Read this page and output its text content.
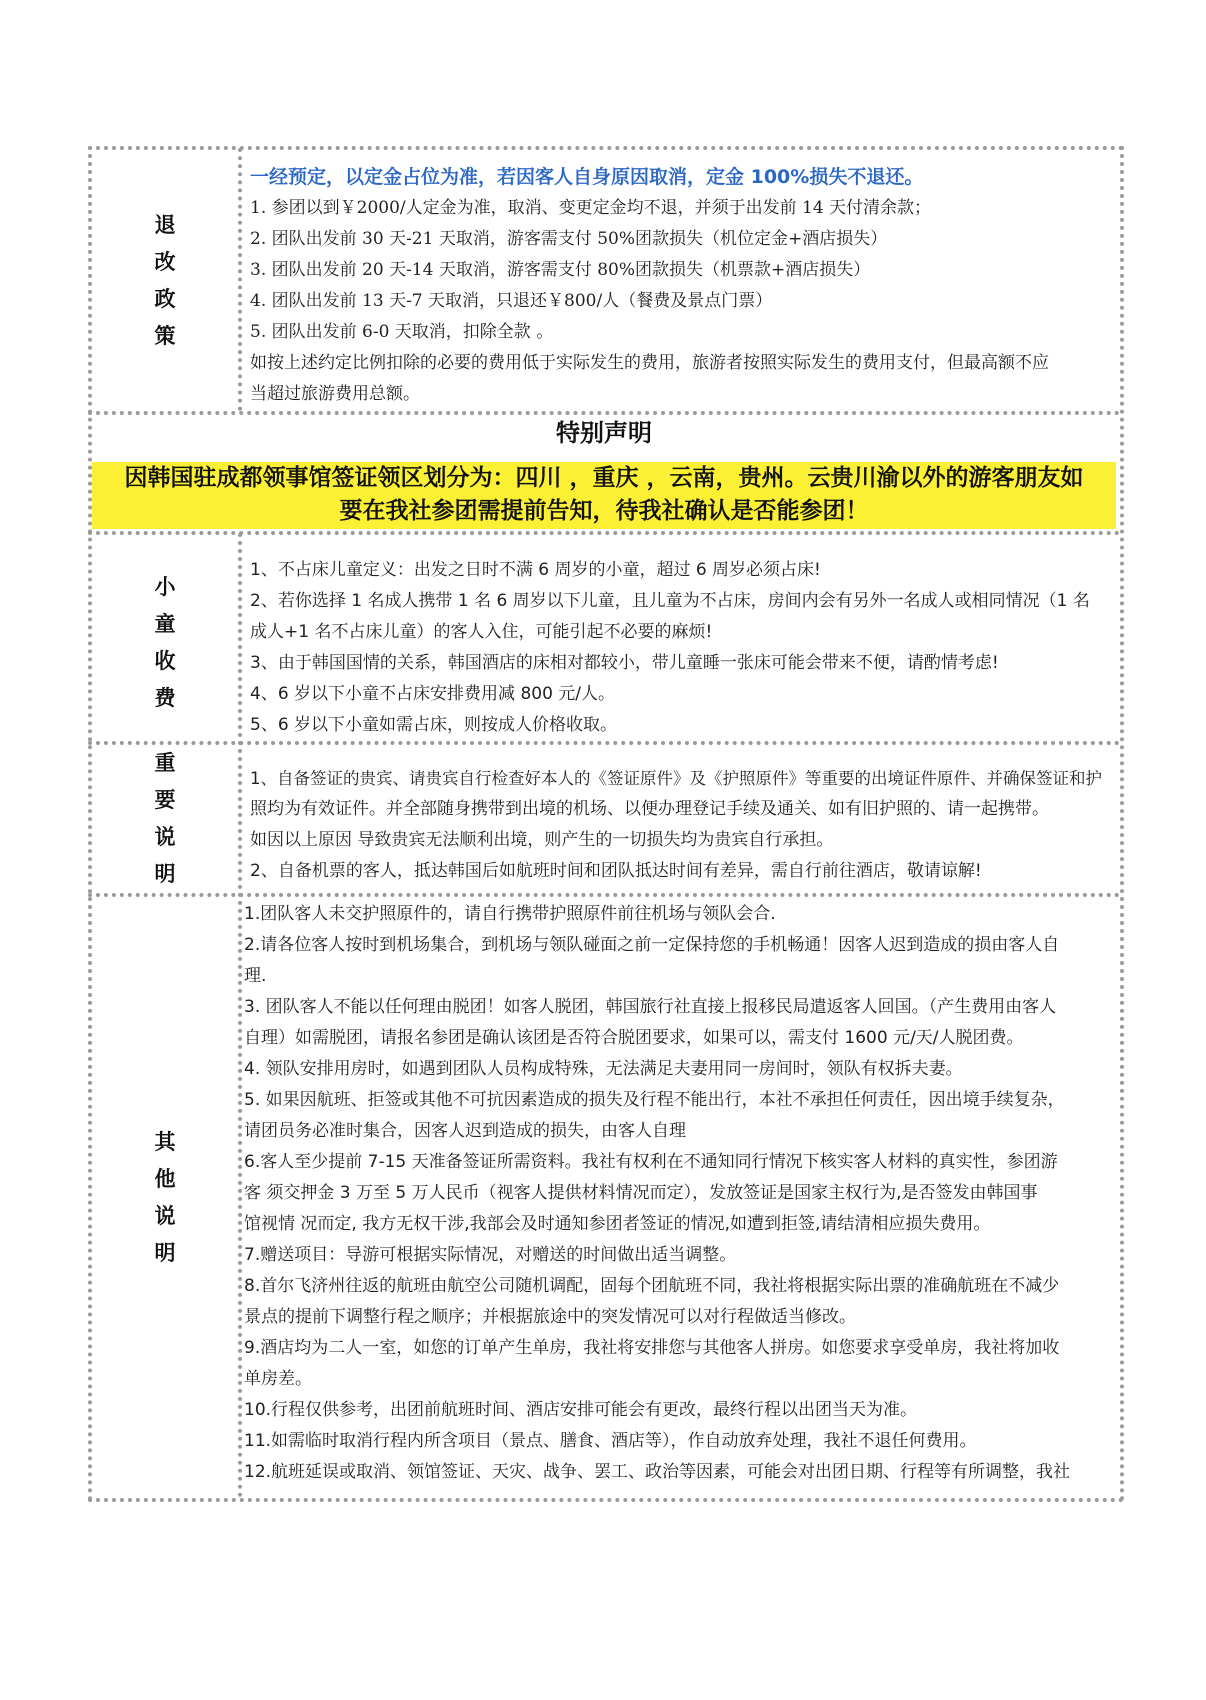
退
改
政
策
一经预定，以定金占位为准，若因客人自身原因取消，定金 100%损失不退还。
1. 参团以到￥2000/人定金为准，取消、变更定金均不退，并须于出发前 14 天付清余款；
2. 团队出发前 30 天-21 天取消，游客需支付 50%团款损失（机位定金+酒店损失）
3. 团队出发前 20 天-14 天取消，游客需支付 80%团款损失（机票款+酒店损失）
4. 团队出发前 13 天-7 天取消，只退还￥800/人（餐费及景点门票）
5. 团队出发前 6-0 天取消，扣除全款 。
如按上述约定比例扣除的必要的费用低于实际发生的费用，旅游者按照实际发生的费用支付，但最高额不应
当超过旅游费用总额。
特别声明
因韩国驻成都领事馆签证领区划分为：四川 ，重庆 ，云南，贵州。云贵川渝以外的游客朋友如
要在我社参团需提前告知，待我社确认是否能参团！
小
童
收
费
1、不占床儿童定义：出发之日时不满 6 周岁的小童，超过 6 周岁必须占床!
2、若你选择 1 名成人携带 1 名 6 周岁以下儿童，且儿童为不占床，房间内会有另外一名成人或相同情况（1 名
成人+1 名不占床儿童）的客人入住，可能引起不必要的麻烦!
3、由于韩国国情的关系，韩国酒店的床相对都较小，带儿童睡一张床可能会带来不便，请酌情考虑!
4、6 岁以下小童不占床安排费用减 800 元/人。
5、6 岁以下小童如需占床，则按成人价格收取。
重
要
说
明
1、自备签证的贵宾、请贵宾自行检查好本人的《签证原件》及《护照原件》等重要的出境证件原件、并确保签证和护
照均为有效证件。并全部随身携带到出境的机场、以便办理登记手续及通关、如有旧护照的、请一起携带。
如因以上原因 导致贵宾无法顺利出境，则产生的一切损失均为贵宾自行承担。
2、自备机票的客人，抵达韩国后如航班时间和团队抵达时间有差异，需自行前往酒店，敬请谅解!
其
他
说
明
1.团队客人未交护照原件的，请自行携带护照原件前往机场与领队会合.
2.请各位客人按时到机场集合，到机场与领队碰面之前一定保持您的手机畅通！因客人迟到造成的损由客人自
理.
3. 团队客人不能以任何理由脱团！如客人脱团，韩国旅行社直接上报移民局遣返客人回国。（产生费用由客人
自理）如需脱团，请报名参团是确认该团是否符合脱团要求，如果可以，需支付 1600 元/天/人脱团费。
4. 领队安排用房时，如遇到团队人员构成特殊，无法满足夫妻用同一房间时，领队有权拆夫妻。
5. 如果因航班、拒签或其他不可抗因素造成的损失及行程不能出行，本社不承担任何责任，因出境手续复杂，
请团员务必准时集合，因客人迟到造成的损失，由客人自理
6.客人至少提前 7-15 天准备签证所需资料。我社有权利在不通知同行情况下核实客人材料的真实性，参团游
客 须交押金 3 万至 5 万人民币（视客人提供材料情况而定），发放签证是国家主权行为,是否签发由韩国事
馆视情 况而定, 我方无权干涉,我部会及时通知参团者签证的情况,如遭到拒签,请结清相应损失费用。
7.赠送项目：导游可根据实际情况，对赠送的时间做出适当调整。
8.首尔飞济州往返的航班由航空公司随机调配，固每个团航班不同，我社将根据实际出票的准确航班在不减少
景点的提前下调整行程之顺序；并根据旅途中的突发情况可以对行程做适当修改。
9.酒店均为二人一室，如您的订单产生单房，我社将安排您与其他客人拼房。如您要求享受单房，我社将加收
单房差。
10.行程仅供参考，出团前航班时间、酒店安排可能会有更改，最终行程以出团当天为准。
11.如需临时取消行程内所含项目（景点、膳食、酒店等），作自动放弃处理，我社不退任何费用。
12.航班延误或取消、领馆签证、天灾、战争、罢工、政治等因素，可能会对出团日期、行程等有所调整，我社
